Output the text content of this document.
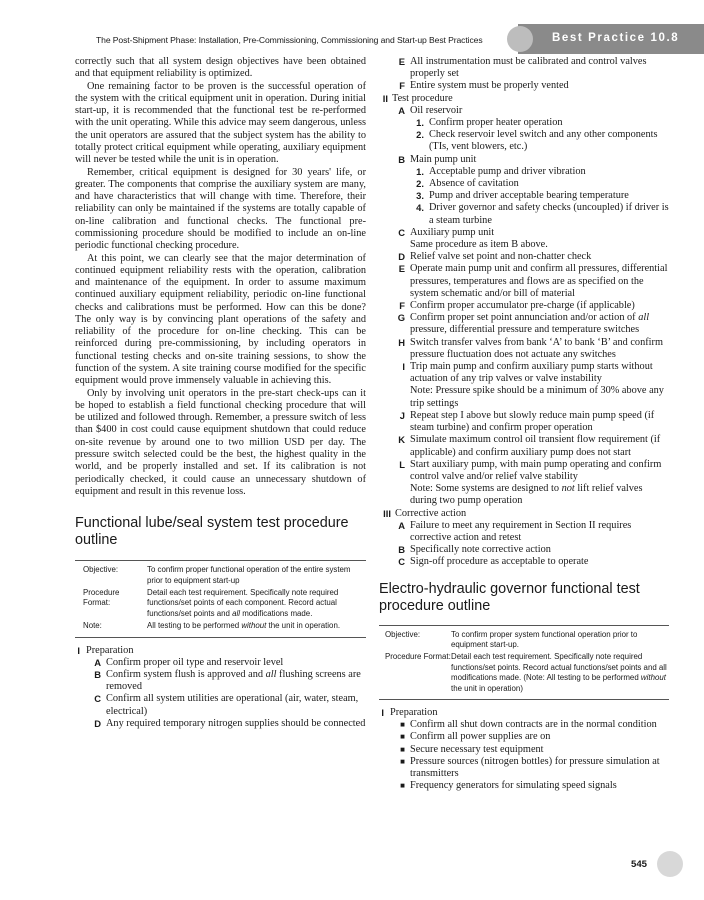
The Post-Shipment Phase: Installation, Pre-Commissioning, Commissioning and Start-up Best Practices	Best Practice 10.8

correctly such that all system design objectives have been obtained and that equipment reliability is optimized.

One remaining factor to be proven is the successful operation of the system with the critical equipment unit in operation. During initial start-up, it is recommended that the functional test be re-performed with the unit operating. While this advice may seem dangerous, unless the unit operators are assured that the subject system has the ability to totally protect critical equipment while operating, auxiliary equipment will never be tested while the unit is in operation.

Remember, critical equipment is designed for 30 years' life, or greater. The components that comprise the auxiliary system are many, and have characteristics that will change with time. Therefore, their reliability can only be maintained if the systems are totally capable of on-line calibration and functional checks. The functional pre-commissioning procedure should be modified to include an on-line periodic functional checking procedure.

At this point, we can clearly see that the major determination of continued equipment reliability rests with the operation, calibration and maintenance of the equipment. In order to assume maximum continued auxiliary equipment reliability, periodic on-line functional checks and calibrations must be performed. How can this be done? The only way is by convincing plant operations of the safety and reliability of the procedure for on-line checking. This can be reinforced during pre-commissioning, by including operators in functional testing checks and on-site training sessions, to show the function of the system. A site training course modified for the specific equipment would prove immensely valuable in achieving this.

Only by involving unit operators in the pre-start check-ups can it be hoped to establish a field functional checking procedure that will be utilized and followed through. Remember, a pressure switch of less than $400 in cost could cause equipment shutdown that could reduce on-site revenue by around one to two million USD per day. The pressure switch selected could be the best, the highest quality in the world, and be properly installed and set. If its calibration is not periodically checked, it could cause an unnecessary shutdown of equipment and result in this revenue loss.

Functional lube/seal system test procedure outline
Objective:	To confirm proper functional operation of the entire system prior to equipment start-up
Procedure Format:
Detail each test requirement. Specifically note required functions/set points of each component. Record actual functions/set points and all modifications made.
Note:	All testing to be performed without the unit in operation.
I Preparation
A Confirm proper oil type and reservoir level
B Confirm system flush is approved and all flushing screens are removed
C Confirm all system utilities are operational (air, water, steam, electrical)
D Any required temporary nitrogen supplies should be connected
E All instrumentation must be calibrated and control valves properly set
F Entire system must be properly vented
II Test procedure
A Oil reservoir
1. Confirm proper heater operation
2. Check reservoir level switch and any other components (TIs, vent blowers, etc.)
B Main pump unit
1. Acceptable pump and driver vibration
2. Absence of cavitation
3. Pump and driver acceptable bearing temperature
4. Driver governor and safety checks (uncoupled) if driver is a steam turbine
C Auxiliary pump unit
Same procedure as item B above.
D Relief valve set point and non-chatter check
E Operate main pump unit and confirm all pressures, differential pressures, temperatures and flows are as specified on the system schematic and/or bill of material
F Confirm proper accumulator pre-charge (if applicable)
G Confirm proper set point annunciation and/or action of all pressure, differential pressure and temperature switches
H Switch transfer valves from bank ‘A’ to bank ‘B’ and confirm pressure fluctuation does not actuate any switches
I Trip main pump and confirm auxiliary pump starts without actuation of any trip valves or valve instability
Note: Pressure spike should be a minimum of 30% above any trip settings
J Repeat step I above but slowly reduce main pump speed (if steam turbine) and confirm proper operation
K Simulate maximum control oil transient flow requirement (if applicable) and confirm auxiliary pump does not start
L Start auxiliary pump, with main pump operating and confirm control valve and/or relief valve stability
Note: Some systems are designed to not lift relief valves during two pump operation
III Corrective action
A Failure to meet any requirement in Section II requires corrective action and retest
B Specifically note corrective action
C Sign-off procedure as acceptable to operate
Electro-hydraulic governor functional test procedure outline
Objective:	To confirm proper system functional operation prior to equipment start-up.
Procedure Format: Detail each test requirement. Specifically note required functions/set points. Record actual functions/set points and all modifications made. (Note: All testing to be performed without the unit in operation)
I Preparation
■ Confirm all shut down contracts are in the normal condition
■ Confirm all power supplies are on
■ Secure necessary test equipment
■ Pressure sources (nitrogen bottles) for pressure simulation at transmitters
■ Frequency generators for simulating speed signals
545
